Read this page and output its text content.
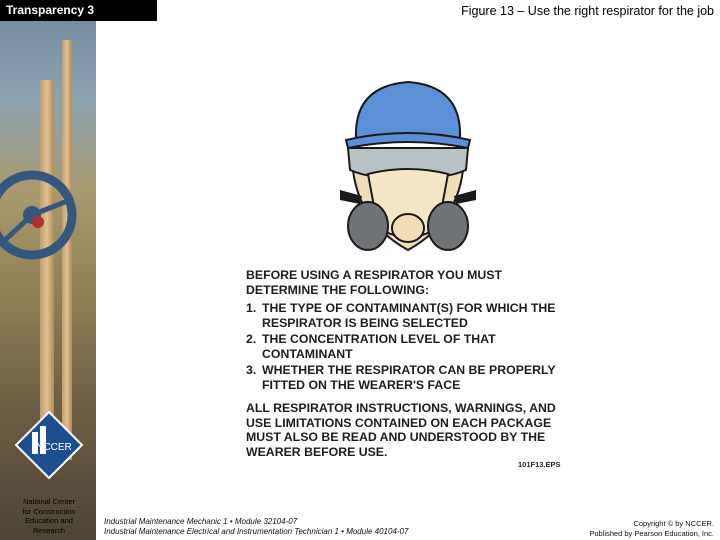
Transparency 3	Figure 13 – Use the right respirator for the job
NCCER
National Center
for Construction
Education and
Research
BEFORE USING A RESPIRATOR YOU MUST DETERMINE THE FOLLOWING:
1. THE TYPE OF CONTAMINANT(S) FOR WHICH THE RESPIRATOR IS BEING SELECTED
2. THE CONCENTRATION LEVEL OF THAT CONTAMINANT
3. WHETHER THE RESPIRATOR CAN BE PROPERLY FITTED ON THE WEARER'S FACE
ALL RESPIRATOR INSTRUCTIONS, WARNINGS, AND USE LIMITATIONS CONTAINED ON EACH PACKAGE MUST ALSO BE READ AND UNDERSTOOD BY THE WEARER BEFORE USE.
101F13.EPS
Industrial Maintenance Mechanic 1 • Module 32104-07
Industrial Maintenance Electrical and Instrumentation Technician 1 • Module 40104-07
Copyright © by NCCER.
Published by Pearson Education, Inc.
